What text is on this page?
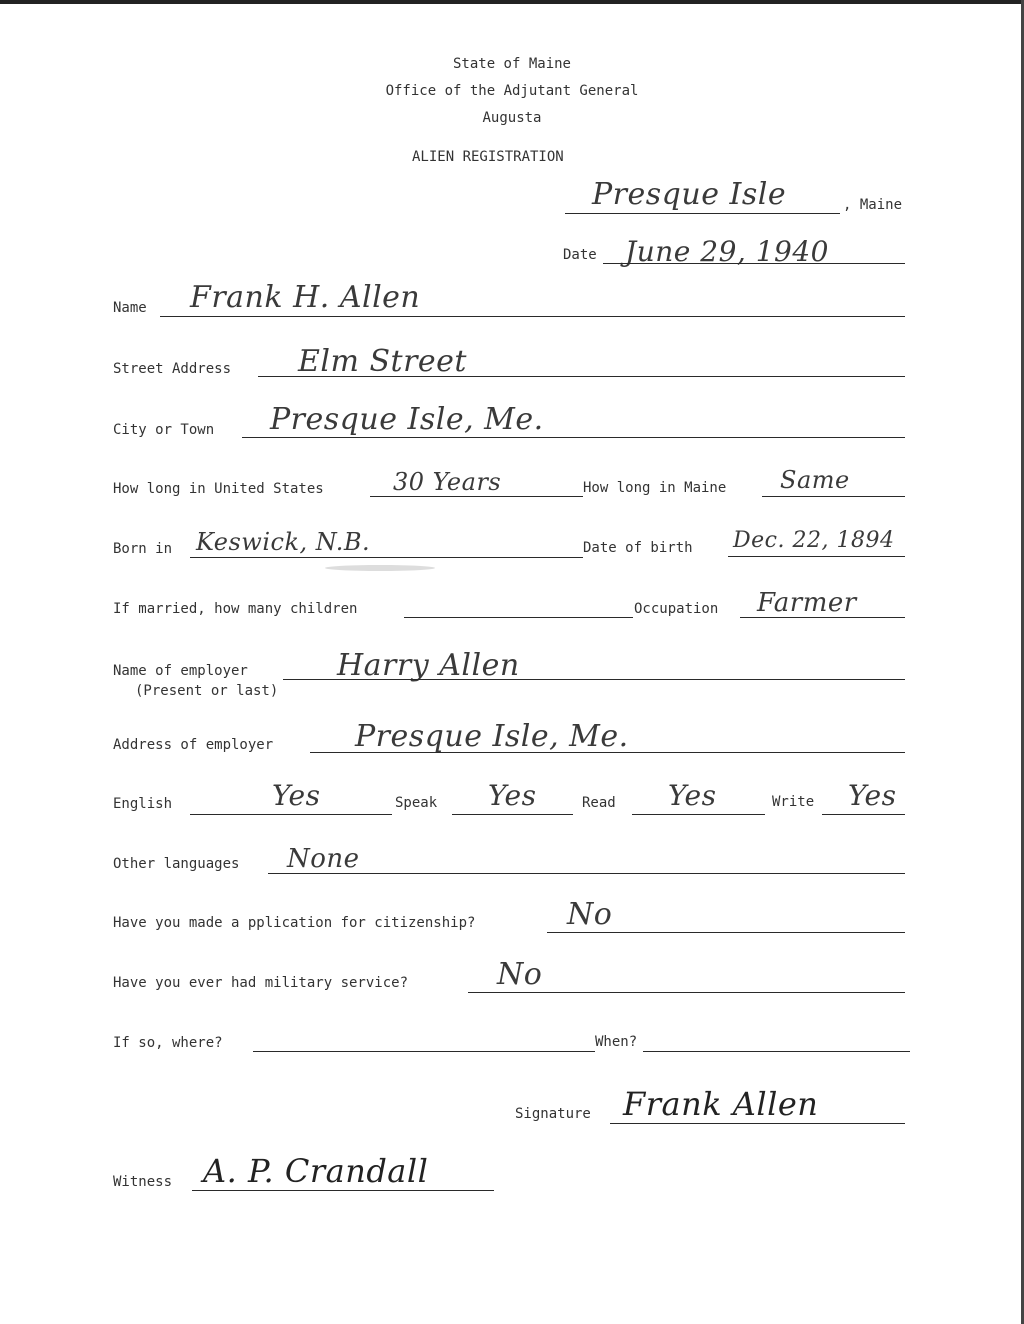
State of Maine
Office of the Adjutant General
Augusta
ALIEN REGISTRATION
Presque Isle	, Maine
Date June 29, 1940
Name Frank H. Allen
Street Address Elm Street
City or Town Presque Isle, Me.
How long in United States	30 Years	How long in Maine Same
Born in Keswick, N.B.	Date of birth Dec. 22, 1894
If married, how many children	Occupation Farmer
Name of employer
(Present or last)
Harry Allen
Address of employer	Presque Isle, Me.
English	Yes	Speak Yes	Read Yes	Write Yes
Other languages None
Have you made a pplication for citizenship?	No
Have you ever had military service?	No
If so, where?	When?
Signature Frank Allen
Witness A. P. Crandall
